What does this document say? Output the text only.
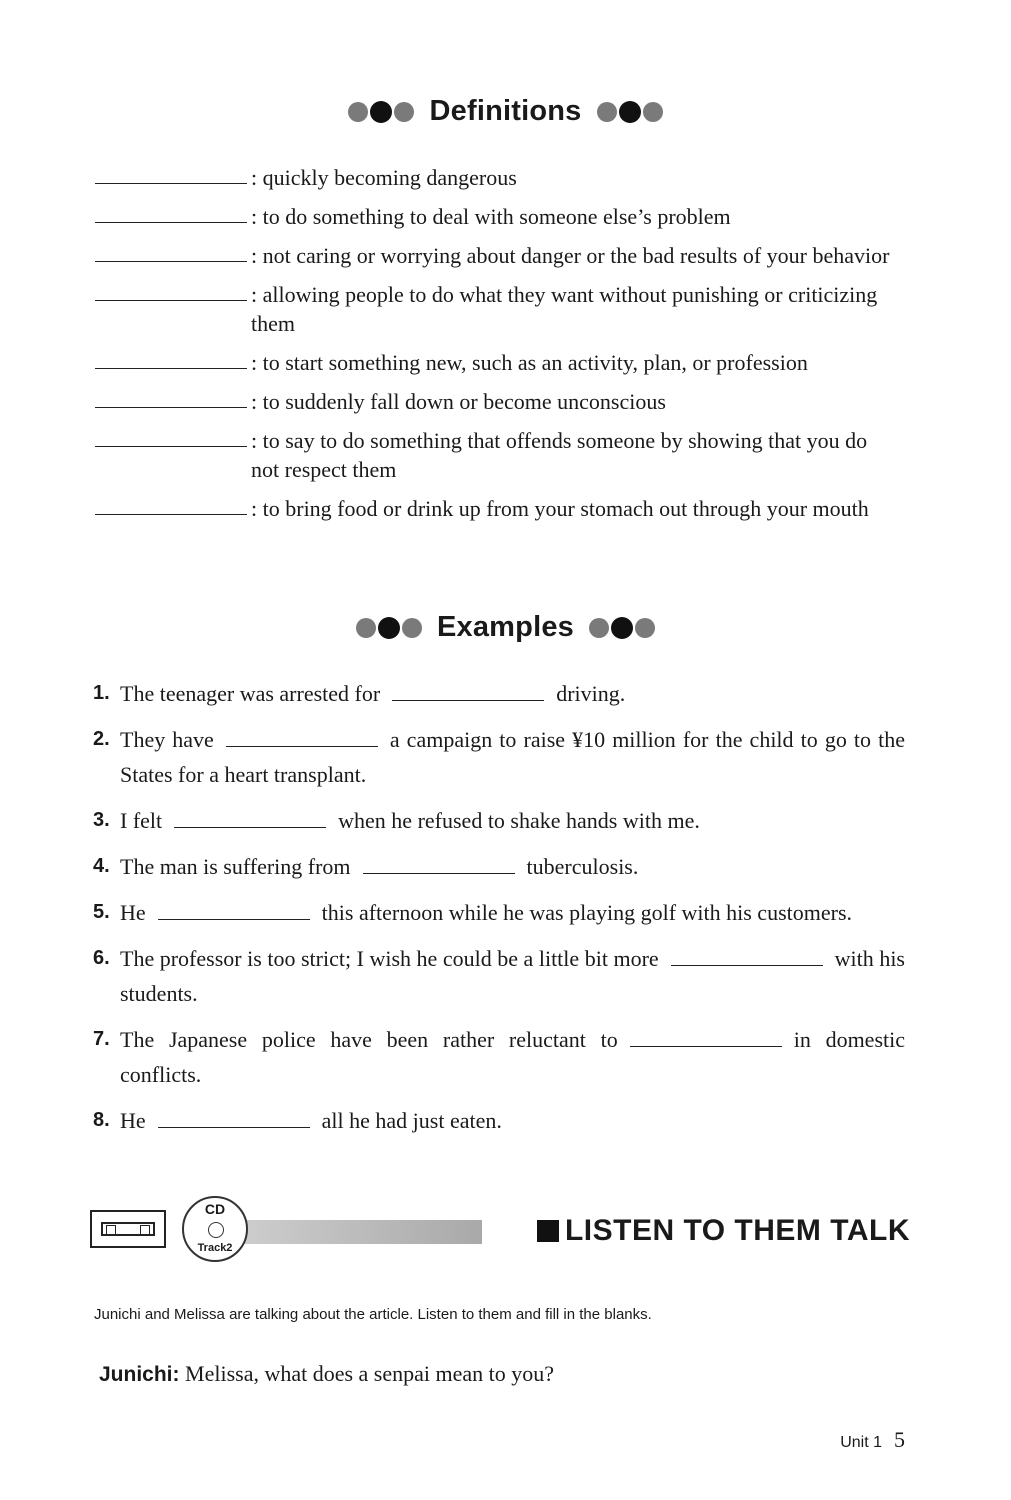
Definitions
: quickly becoming dangerous
: to do something to deal with someone else’s problem
: not caring or worrying about danger or the bad results of your behavior
: allowing people to do what they want without punishing or criticizing them
: to start something new, such as an activity, plan, or profession
: to suddenly fall down or become unconscious
: to say to do something that offends someone by showing that you do not respect them
: to bring food or drink up from your stomach out through your mouth
Examples
1. The teenager was arrested for	driving.
2. They have	a campaign to raise ¥10 million for the child to go to the States for a heart transplant.
3. I felt	when he refused to shake hands with me.
4. The man is suffering from	tuberculosis.
5. He	this afternoon while he was playing golf with his customers.
6. The professor is too strict; I wish he could be a little bit more	with his students.
7. The Japanese police have been rather reluctant to	in domestic conflicts.
8. He	all he had just eaten.
CD
Track2
LISTEN TO THEM TALK
Junichi and Melissa are talking about the article. Listen to them and fill in the blanks.
Junichi: Melissa, what does a senpai mean to you?
Unit 1 5
